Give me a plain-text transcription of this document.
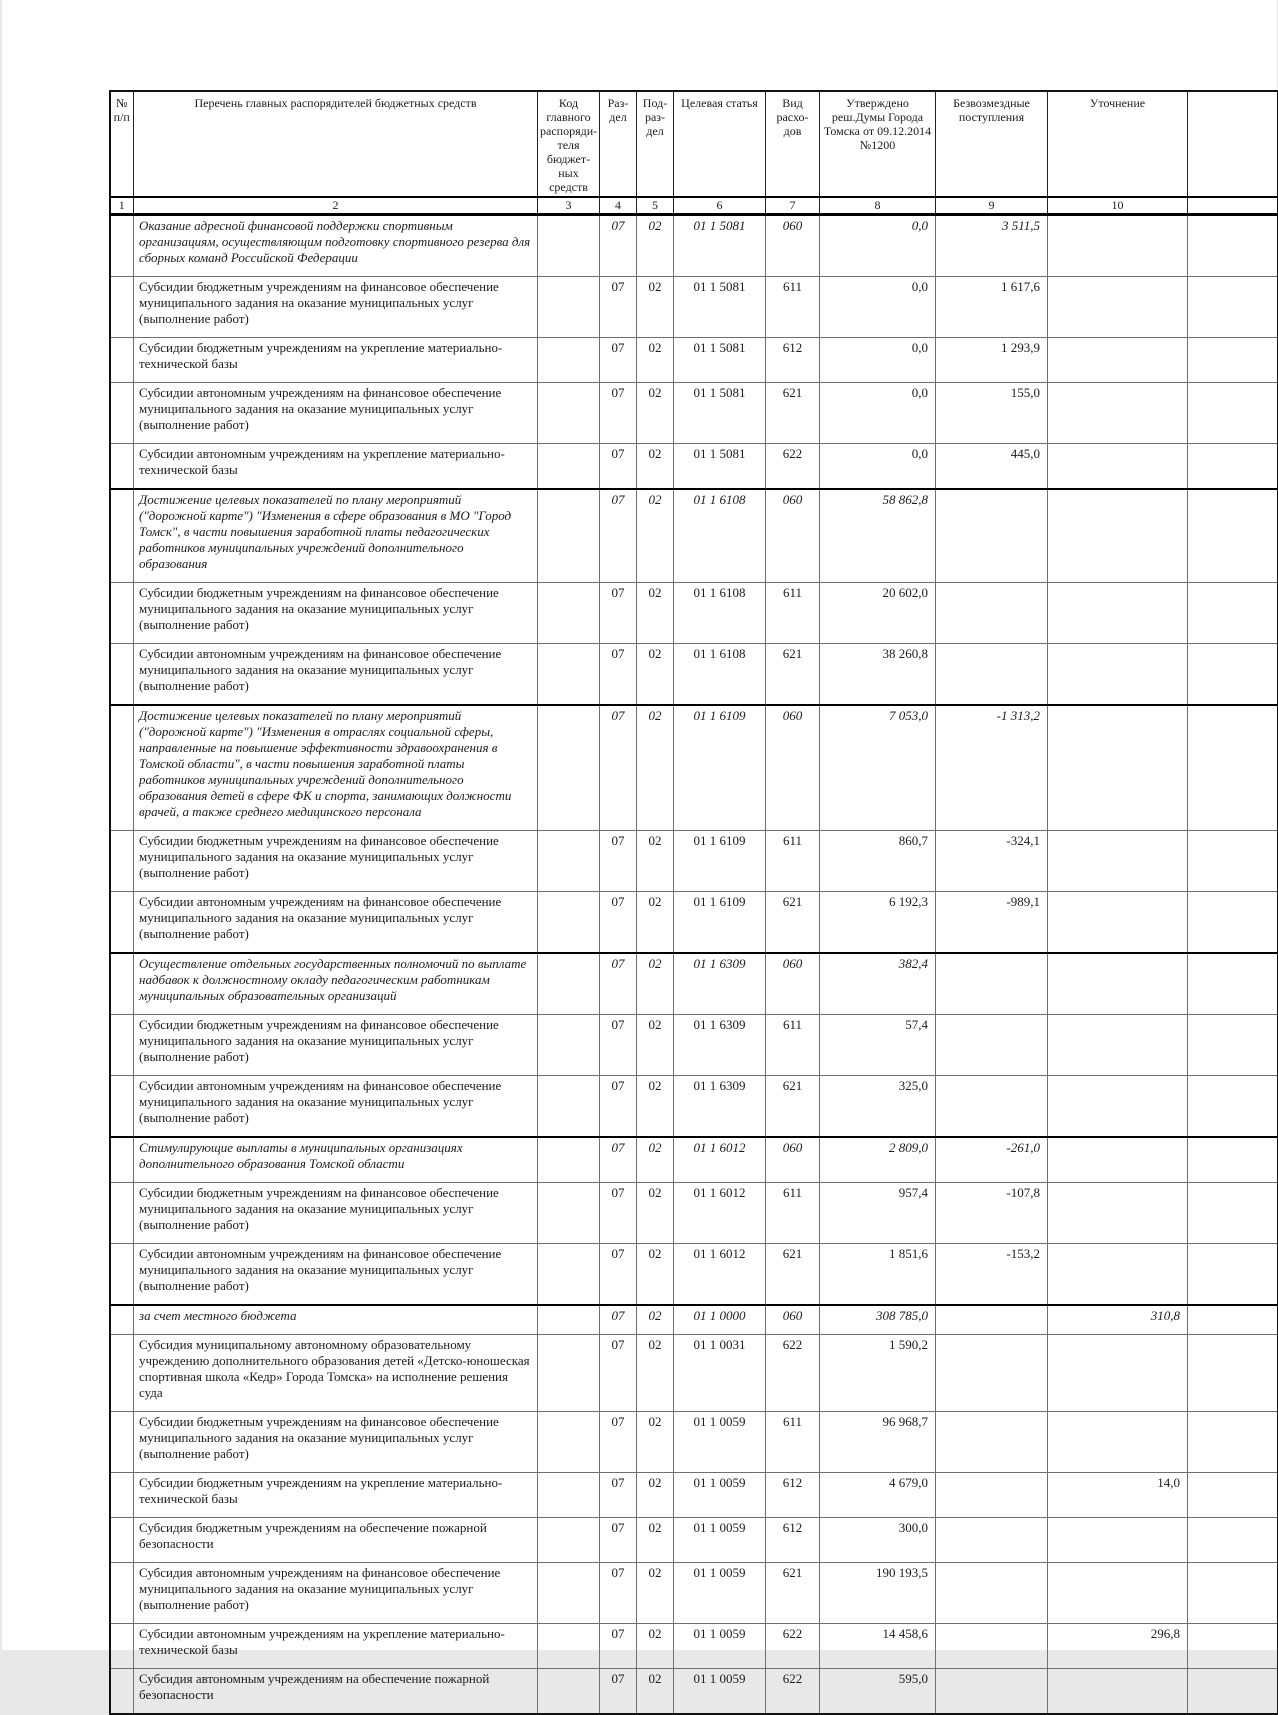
№ п/п	Перечень главных распорядителей бюджетных средств	Код главного распоряди-теля бюджет-ных средств	Раз-дел	Под-раз-дел	Целевая статья	Вид расхо-дов	Утверждено реш.Думы Города Томска от 09.12.2014 №1200	Безвозмездные поступления	Уточнение	
1	2	3	4	5	6	7	8	9	10	
	Оказание адресной финансовой поддержки спортивным организациям, осуществляющим подготовку спортивного резерва для сборных команд Российской Федерации		07	02	01 1 5081	060	0,0	3 511,5		
	Субсидии бюджетным учреждениям на финансовое обеспечение муниципального задания на оказание муниципальных услуг (выполнение работ)		07	02	01 1 5081	611	0,0	1 617,6		
	Субсидии бюджетным учреждениям на укрепление материально-технической базы		07	02	01 1 5081	612	0,0	1 293,9		
	Субсидии автономным учреждениям на финансовое обеспечение муниципального задания на оказание муниципальных услуг (выполнение работ)		07	02	01 1 5081	621	0,0	155,0		
	Субсидии автономным учреждениям на укрепление материально-технической базы		07	02	01 1 5081	622	0,0	445,0		
	Достижение целевых показателей по плану мероприятий ("дорожной карте") "Изменения в сфере образования в МО "Город Томск", в части повышения заработной платы педагогических работников муниципальных учреждений дополнительного образования		07	02	01 1 6108	060	58 862,8			
	Субсидии бюджетным учреждениям на финансовое обеспечение муниципального задания на оказание муниципальных услуг (выполнение работ)		07	02	01 1 6108	611	20 602,0			
	Субсидии автономным учреждениям на финансовое обеспечение муниципального задания на оказание муниципальных услуг (выполнение работ)		07	02	01 1 6108	621	38 260,8			
	Достижение целевых показателей по плану мероприятий ("дорожной карте") "Изменения в отраслях социальной сферы, направленные на повышение эффективности здравоохранения в Томской области", в части повышения заработной платы работников муниципальных учреждений дополнительного образования детей в сфере ФК и спорта, занимающих должности врачей, а также среднего медицинского персонала		07	02	01 1 6109	060	7 053,0	-1 313,2		
	Субсидии бюджетным учреждениям на финансовое обеспечение муниципального задания на оказание муниципальных услуг (выполнение работ)		07	02	01 1 6109	611	860,7	-324,1		
	Субсидии автономным учреждениям на финансовое обеспечение муниципального задания на оказание муниципальных услуг (выполнение работ)		07	02	01 1 6109	621	6 192,3	-989,1		
	Осуществление отдельных государственных полномочий по выплате надбавок к должностному окладу педагогическим работникам муниципальных образовательных организаций		07	02	01 1 6309	060	382,4			
	Субсидии бюджетным учреждениям на финансовое обеспечение муниципального задания на оказание муниципальных услуг (выполнение работ)		07	02	01 1 6309	611	57,4			
	Субсидии автономным учреждениям на финансовое обеспечение муниципального задания на оказание муниципальных услуг (выполнение работ)		07	02	01 1 6309	621	325,0			
	Стимулирующие выплаты в муниципальных организациях дополнительного образования Томской области		07	02	01 1 6012	060	2 809,0	-261,0		
	Субсидии бюджетным учреждениям на финансовое обеспечение муниципального задания на оказание муниципальных услуг (выполнение работ)		07	02	01 1 6012	611	957,4	-107,8		
	Субсидии автономным учреждениям на финансовое обеспечение муниципального задания на оказание муниципальных услуг (выполнение работ)		07	02	01 1 6012	621	1 851,6	-153,2		
	за счет местного бюджета		07	02	01 1 0000	060	308 785,0		310,8	
	Субсидия муниципальному автономному образовательному учреждению дополнительного образования детей «Детско-юношеская спортивная школа «Кедр» Города Томска» на исполнение решения суда		07	02	01 1 0031	622	1 590,2			
	Субсидии бюджетным учреждениям на финансовое обеспечение муниципального задания на оказание муниципальных услуг (выполнение работ)		07	02	01 1 0059	611	96 968,7			
	Субсидии бюджетным учреждениям на укрепление материально-технической базы		07	02	01 1 0059	612	4 679,0		14,0	
	Субсидия бюджетным учреждениям на обеспечение пожарной безопасности		07	02	01 1 0059	612	300,0			
	Субсидия автономным учреждениям на финансовое обеспечение муниципального задания на оказание муниципальных услуг (выполнение работ)		07	02	01 1 0059	621	190 193,5			
	Субсидии автономным учреждениям на укрепление материально-технической базы		07	02	01 1 0059	622	14 458,6		296,8	
	Субсидия автономным учреждениям на обеспечение пожарной безопасности		07	02	01 1 0059	622	595,0			
